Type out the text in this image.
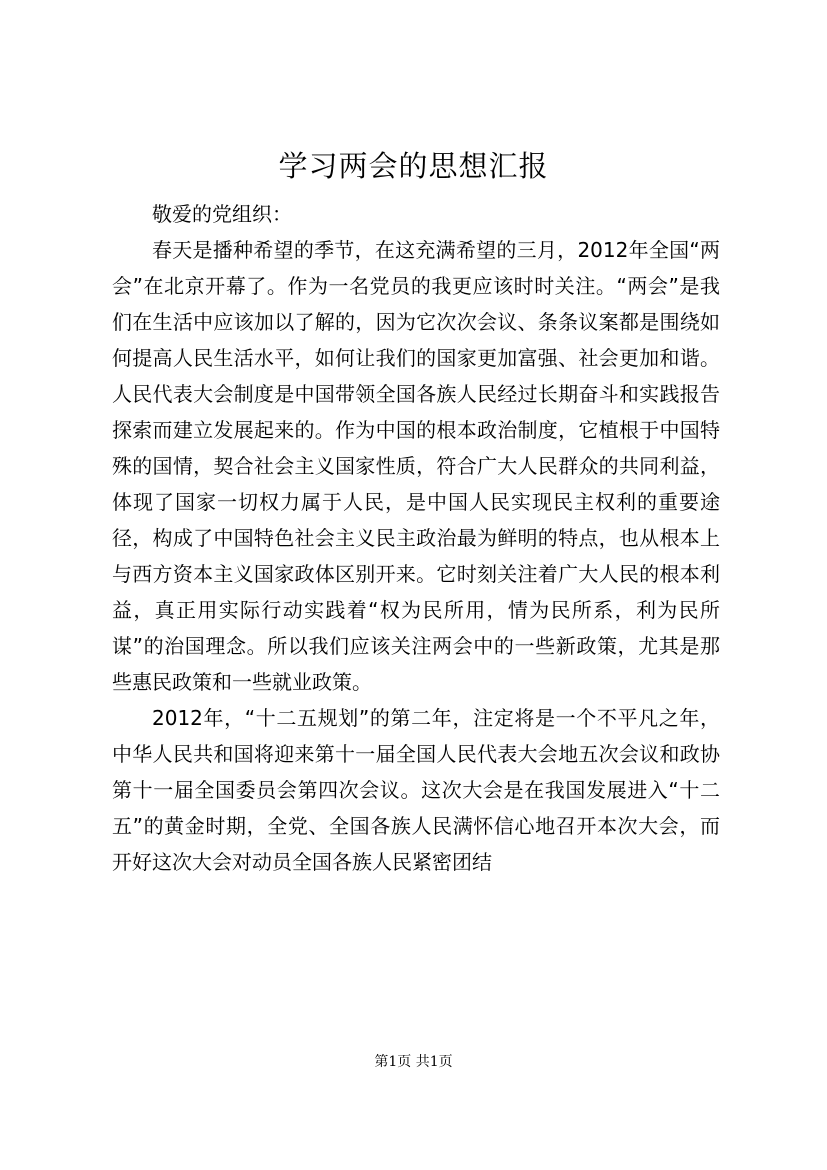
学习两会的思想汇报

敬爱的党组织：

春天是播种希望的季节，在这充满希望的三月，2012年全国“两会”在北京开幕了。作为一名党员的我更应该时时关注。“两会”是我们在生活中应该加以了解的，因为它次次会议、条条议案都是围绕如何提高人民生活水平，如何让我们的国家更加富强、社会更加和谐。人民代表大会制度是中国带领全国各族人民经过长期奋斗和实践报告探索而建立发展起来的。作为中国的根本政治制度，它植根于中国特殊的国情，契合社会主义国家性质，符合广大人民群众的共同利益，体现了国家一切权力属于人民，是中国人民实现民主权利的重要途径，构成了中国特色社会主义民主政治最为鲜明的特点，也从根本上与西方资本主义国家政体区别开来。它时刻关注着广大人民的根本利益，真正用实际行动实践着“权为民所用，情为民所系，利为民所谋”的治国理念。所以我们应该关注两会中的一些新政策，尤其是那些惠民政策和一些就业政策。

2012年，“十二五规划”的第二年，注定将是一个不平凡之年，中华人民共和国将迎来第十一届全国人民代表大会地五次会议和政协第十一届全国委员会第四次会议。这次大会是在我国发展进入“十二五”的黄金时期，全党、全国各族人民满怀信心地召开本次大会，而开好这次大会对动员全国各族人民紧密团结

第1页 共1页
